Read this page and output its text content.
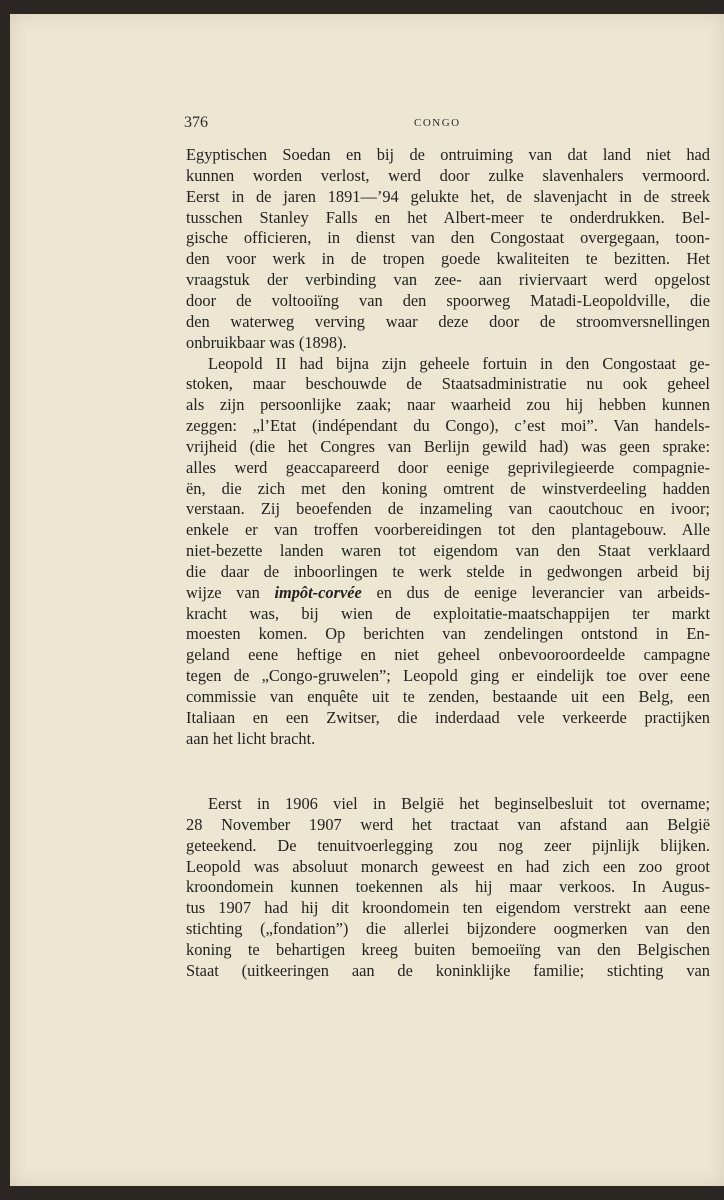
376	CONGO

Egyptischen Soedan en bij de ontruiming van dat land niet had
kunnen worden verlost, werd door zulke slavenhalers vermoord.
Eerst in de jaren 1891—’94 gelukte het, de slavenjacht in de streek
tusschen Stanley Falls en het Albert-meer te onderdrukken. Bel-
gische officieren, in dienst van den Congostaat overgegaan, toon-
den voor werk in de tropen goede kwaliteiten te bezitten. Het
vraagstuk der verbinding van zee- aan riviervaart werd opgelost
door de voltooiïng van den spoorweg Matadi-Leopoldville, die
den waterweg verving waar deze door de stroomversnellingen
onbruikbaar was (1898).

Leopold II had bijna zijn geheele fortuin in den Congostaat ge-
stoken, maar beschouwde de Staatsadministratie nu ook geheel
als zijn persoonlijke zaak; naar waarheid zou hij hebben kunnen
zeggen: „l’Etat (indépendant du Congo), c’est moi”. Van handels-
vrijheid (die het Congres van Berlijn gewild had) was geen sprake:
alles werd geaccapareerd door eenige geprivilegieerde compagnie-
ën, die zich met den koning omtrent de winstverdeeling hadden
verstaan. Zij beoefenden de inzameling van caoutchouc en ivoor;
enkele er van troffen voorbereidingen tot den plantagebouw. Alle
niet-bezette landen waren tot eigendom van den Staat verklaard
die daar de inboorlingen te werk stelde in gedwongen arbeid bij
wijze van impôt-corvée en dus de eenige leverancier van arbeids-
kracht was, bij wien de exploitatie-maatschappijen ter markt
moesten komen. Op berichten van zendelingen ontstond in En-
geland eene heftige en niet geheel onbevooroordeelde campagne
tegen de „Congo-gruwelen”; Leopold ging er eindelijk toe over eene
commissie van enquête uit te zenden, bestaande uit een Belg, een
Italiaan en een Zwitser, die inderdaad vele verkeerde practijken
aan het licht bracht.

Eerst in 1906 viel in België het beginselbesluit tot overname;
28 November 1907 werd het tractaat van afstand aan België
geteekend. De tenuitvoerlegging zou nog zeer pijnlijk blijken.
Leopold was absoluut monarch geweest en had zich een zoo groot
kroondomein kunnen toekennen als hij maar verkoos. In Augus-
tus 1907 had hij dit kroondomein ten eigendom verstrekt aan eene
stichting („fondation”) die allerlei bijzondere oogmerken van den
koning te behartigen kreeg buiten bemoeiïng van den Belgischen
Staat (uitkeeringen aan de koninklijke familie; stichting van
